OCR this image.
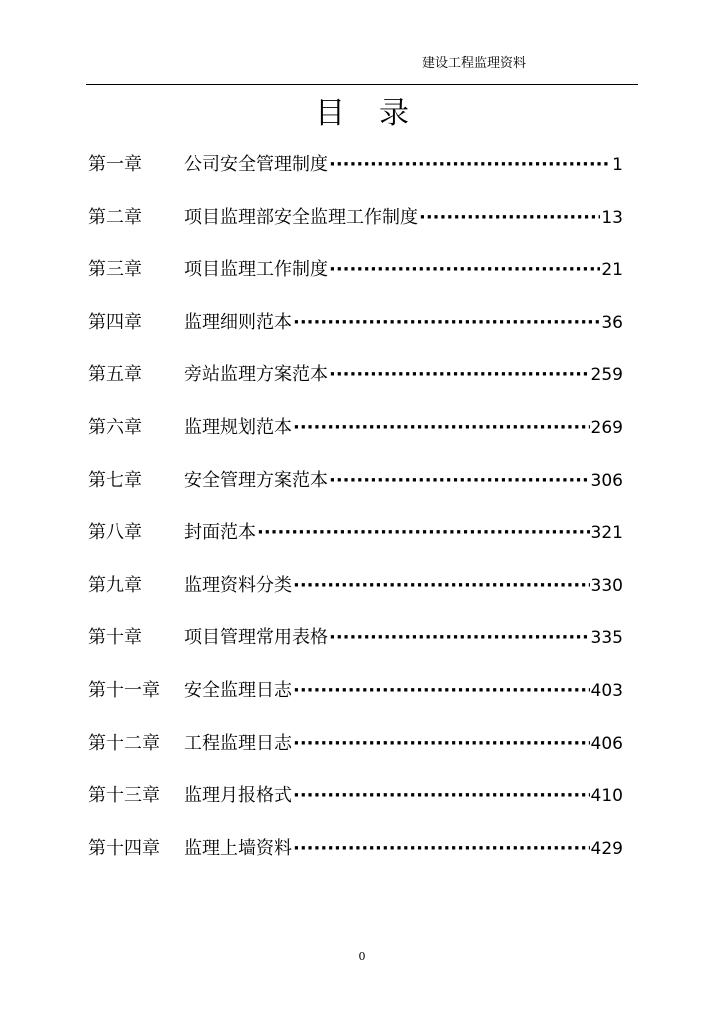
建设工程监理资料
目录
第一章	公司安全管理制度 ·····	1
第二章	项目监理部安全监理工作制度 ·····	13
第三章	项目监理工作制度 ·····	21
第四章	监理细则范本 ·····	36
第五章	旁站监理方案范本 ·····	259
第六章	监理规划范本 ·····	269
第七章	安全管理方案范本 ·····	306
第八章	封面范本 ·····	321
第九章	监理资料分类 ·····	330
第十章	项目管理常用表格 ·····	335
第十一章	安全监理日志 ·····	403
第十二章	工程监理日志 ·····	406
第十三章	监理月报格式 ·····	410
第十四章	监理上墙资料 ·····	429
0
